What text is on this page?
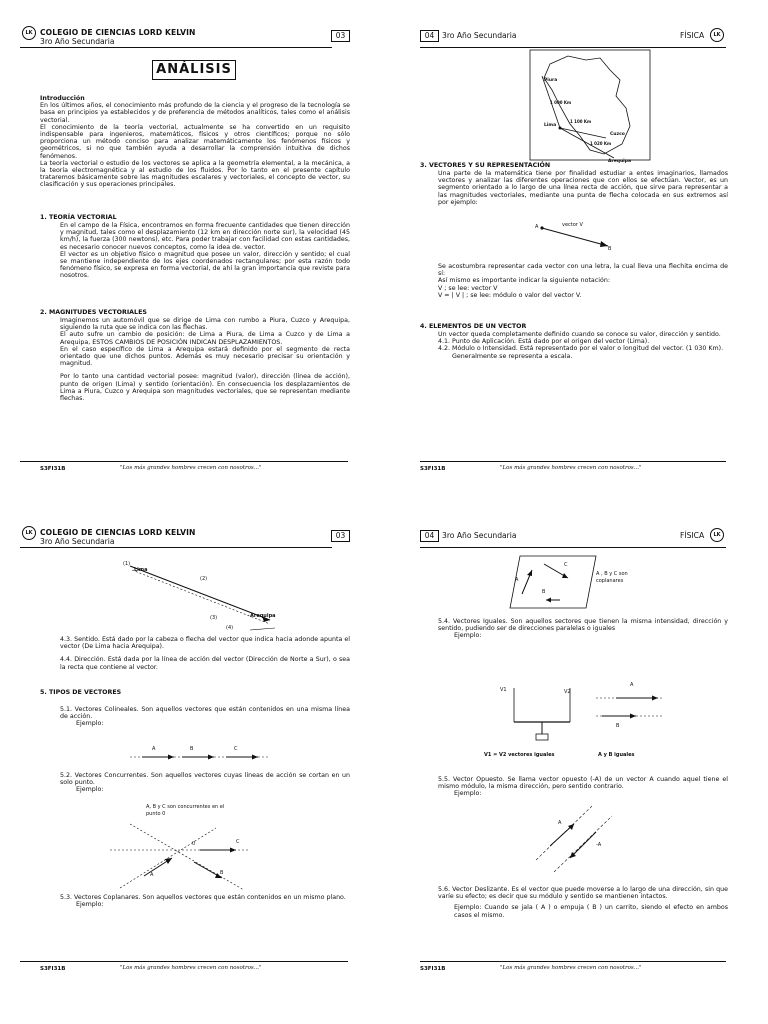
LK COLEGIO DE CIENCIAS LORD KELVIN
3ro Año Secundaria
03
ANÁLISIS

Introducción

En los últimos años, el conocimiento más profundo de la ciencia y el progreso de la tecnología se basa en principios ya establecidos y de preferencia de métodos analíticos, tales como el análisis vectorial.

El conocimiento de la teoría vectorial, actualmente se ha convertido en un requisito indispensable para ingenieros, matemáticos, físicos y otros científicos; porque no sólo proporciona un método conciso para analizar matemáticamente los fenómenos físicos y geométricos, si no que también ayuda a desarrollar la comprensión intuitiva de dichos fenómenos.

La teoría vectorial o estudio de los vectores se aplica a la geometría elemental, a la mecánica, a la teoría electromagnética y al estudio de los fluidos. Por lo tanto en el presente capítulo trataremos básicamente sobre las magnitudes escalares y vectoriales, el concepto de vector, su clasificación y sus operaciones principales.

1. TEORÍA VECTORIAL

En el campo de la Física, encontramos en forma frecuente cantidades que tienen dirección y magnitud, tales como el desplazamiento (12 km en dirección norte sur), la velocidad (45 km/h), la fuerza (300 newtons), etc. Para poder trabajar con facilidad con estas cantidades, es necesario conocer nuevos conceptos, como la idea de. vector.

El vector es un objetivo físico o magnitud que posee un valor, dirección y sentido; el cual se mantiene independiente de los ejes coordenados rectangulares; por esta razón todo fenómeno físico, se expresa en forma vectorial, de ahí la gran importancia que reviste para nosotros.

2. MAGNITUDES VECTORIALES

Imaginemos un automóvil que se dirige de Lima con rumbo a Piura, Cuzco y Arequipa, siguiendo la ruta que se indica con las flechas.

El auto sufre un cambio de posición: de Lima a Piura, de Lima a Cuzco y de Lima a Arequipa, ESTOS CAMBIOS DE POSICIÓN INDICAN DESPLAZAMIENTOS.

En el caso específico de Lima a Arequipa estará definido por el segmento de recta orientado que une dichos puntos. Además es muy necesario precisar su orientación y magnitud.

Por lo tanto una cantidad vectorial posee: magnitud (valor), dirección (línea de acción), punto de origen (Lima) y sentido (orientación). En consecuencia los desplazamientos de Lima a Piura, Cuzco y Arequipa son magnitudes vectoriales, que se representan mediante flechas.

S3FI31B	"Los más grandes hombres crecen con nosotros..."
04	3ro Año Secundaria	FÍSICA	LK
Piura
1 000 Km
Lima
1 100 Km
Cuzco
1 020 Km
Arequipa

3. VECTORES Y SU REPRESENTACIÓN

Una parte de la matemática tiene por finalidad estudiar a entes imaginarios, llamados vectores y analizar las diferentes operaciones que con ellos se efectúan. Vector, es un segmento orientado a lo largo de una línea recta de acción, que sirve para representar a las magnitudes vectoriales, mediante una punta de flecha colocada en sus extremos así por ejemplo:

A	vector V
B

Se acostumbra representar cada vector con una letra, la cual lleva una flechita encima de sí:

Así mismo es importante indicar la siguiente notación:

V ; se lee: vector V

V = | V | ; se lee: módulo o valor del vector V.

4. ELEMENTOS DE UN VECTOR

Un vector queda completamente definido cuando se conoce su valor, dirección y sentido.

4.1. Punto de Aplicación. Está dado por el origen del vector (Lima).

4.2. Módulo o Intensidad. Está representado por el valor o longitud del vector. (1 030 Km).

Generalmente se representa a escala.

S3FI31B	"Los más grandes hombres crecen con nosotros..."
LK COLEGIO DE CIENCIAS LORD KELVIN
3ro Año Secundaria
03
(1)
Lima
(2)
(3)	Arequipa
(4)

4.3. Sentido. Está dado por la cabeza o flecha del vector que indica hacia adonde apunta el vector (De Lima hacia Arequipa).

4.4. Dirección. Está dada por la línea de acción del vector (Dirección de Norte a Sur), o sea la recta que contiene al vector.

5. TIPOS DE VECTORES

5.1. Vectores Colineales. Son aquellos vectores que están contenidos en una misma línea de acción.

Ejemplo:

A	B	C

5.2. Vectores Concurrentes. Son aquellos vectores cuyas líneas de acción se cortan en un solo punto.

Ejemplo:

A, B y C son concurrentes en el punto 0
C
0
A	B

5.3. Vectores Coplanares. Son aquellos vectores que están contenidos en un mismo plano.

Ejemplo:

S3FI31B	"Los más grandes hombres crecen con nosotros..."
04	3ro Año Secundaria	FÍSICA	LK
A
C
B
A , B y C son coplanares

5.4. Vectores Iguales. Son aquellos sectores que tienen la misma intensidad, dirección y sentido, pudiendo ser de direcciones paralelas o iguales

Ejemplo:

V1	V2
A
B
V1 = V2 vectores iguales	A y B iguales

5.5. Vector Opuesto. Se llama vector opuesto (-A) de un vector A cuando aquel tiene el mismo módulo, la misma dirección, pero sentido contrario.

Ejemplo:

A
-A

5.6. Vector Deslizante. Es el vector que puede moverse a lo largo de una dirección, sin que varíe su efecto; es decir que su módulo y sentido se mantienen intactos.

Ejemplo: Cuando se jala ( A ) o empuja ( B ) un carrito, siendo el efecto en ambos casos el mismo.

S3FI31B	"Los más grandes hombres crecen con nosotros..."
